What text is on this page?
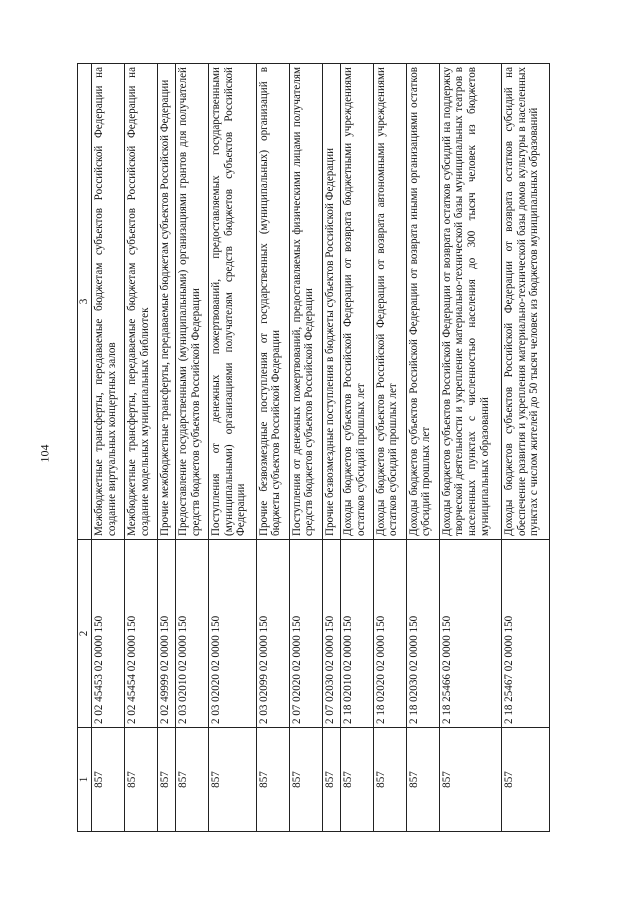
104
1	2	3
857	2 02 45453 02 0000 150	Межбюджетные трансферты, передаваемые бюджетам субъектов Российской Федерации на создание виртуальных концертных залов
857	2 02 45454 02 0000 150	Межбюджетные трансферты, передаваемые бюджетам субъектов Российской Федерации на создание модельных муниципальных библиотек
857	2 02 49999 02 0000 150	Прочие межбюджетные трансферты, передаваемые бюджетам субъектов Российской Федерации
857	2 03 02010 02 0000 150	Предоставление государственными (муниципальными) организациями грантов для получателей средств бюджетов субъектов Российской Федерации
857	2 03 02020 02 0000 150	Поступления от денежных пожертвований, предоставляемых государственными (муниципальными) организациями получателям средств бюджетов субъектов Российской Федерации
857	2 03 02099 02 0000 150	Прочие безвозмездные поступления от государственных (муниципальных) организаций в бюджеты субъектов Российской Федерации
857	2 07 02020 02 0000 150	Поступления от денежных пожертвований, предоставляемых физическими лицами получателям средств бюджетов субъектов Российской Федерации
857	2 07 02030 02 0000 150	Прочие безвозмездные поступления в бюджеты субъектов Российской Федерации
857	2 18 02010 02 0000 150	Доходы бюджетов субъектов Российской Федерации от возврата бюджетными учреждениями остатков субсидий прошлых лет
857	2 18 02020 02 0000 150	Доходы бюджетов субъектов Российской Федерации от возврата автономными учреждениями остатков субсидий прошлых лет
857	2 18 02030 02 0000 150	Доходы бюджетов субъектов Российской Федерации от возврата иными организациями остатков субсидий прошлых лет
857	2 18 25466 02 0000 150	Доходы бюджетов субъектов Российской Федерации от возврата остатков субсидий на поддержку творческой деятельности и укрепление материально-технической базы муниципальных театров в населенных пунктах с численностью населения до 300 тысяч человек из бюджетов муниципальных образований
857	2 18 25467 02 0000 150	Доходы бюджетов субъектов Российской Федерации от возврата остатков субсидий на обеспечение развития и укрепления материально-технической базы домов культуры в населенных пунктах с числом жителей до 50 тысяч человек из бюджетов муниципальных образований
